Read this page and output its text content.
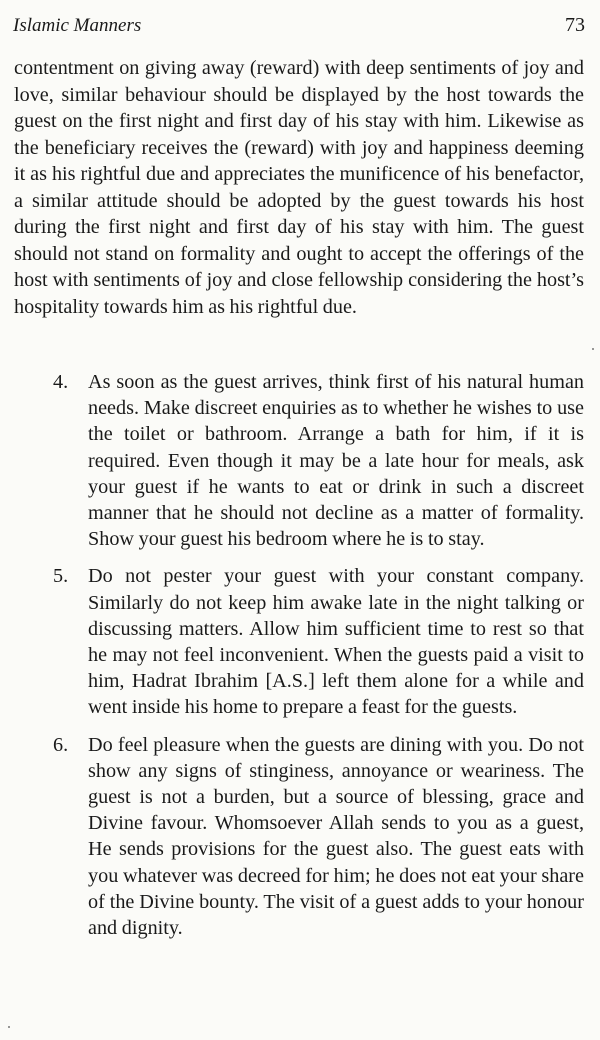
Islamic Manners	73

contentment on giving away (reward) with deep sentiments of joy and love, similar behaviour should be displayed by the host towards the guest on the first night and first day of his stay with him. Likewise as the beneficiary receives the (reward) with joy and happiness deeming it as his rightful due and appreciates the munificence of his benefactor, a similar attitude should be adopted by the guest towards his host during the first night and first day of his stay with him. The guest should not stand on formality and ought to accept the offerings of the host with sentiments of joy and close fellowship considering the host’s hospitality towards him as his rightful due.

4. As soon as the guest arrives, think first of his natural human needs. Make discreet enquiries as to whether he wishes to use the toilet or bathroom. Arrange a bath for him, if it is required. Even though it may be a late hour for meals, ask your guest if he wants to eat or drink in such a discreet manner that he should not decline as a matter of formality. Show your guest his bedroom where he is to stay.
5. Do not pester your guest with your constant company. Similarly do not keep him awake late in the night talking or discussing matters. Allow him sufficient time to rest so that he may not feel inconvenient. When the guests paid a visit to him, Hadrat Ibrahim [A.S.] left them alone for a while and went inside his home to prepare a feast for the guests.
6. Do feel pleasure when the guests are dining with you. Do not show any signs of stinginess, annoyance or weariness. The guest is not a burden, but a source of blessing, grace and Divine favour. Whomsoever Allah sends to you as a guest, He sends provisions for the guest also. The guest eats with you whatever was decreed for him; he does not eat your share of the Divine bounty. The visit of a guest adds to your honour and dignity.
